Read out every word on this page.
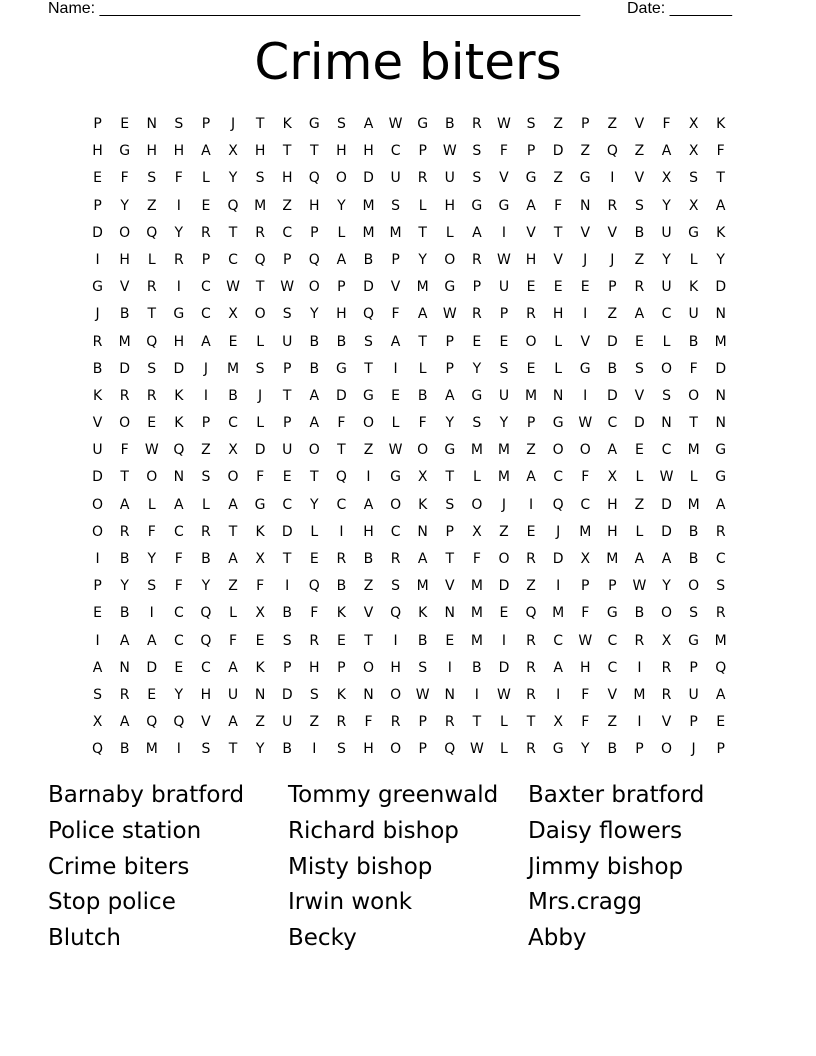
Name: ______________________________________________________	Date: _______
Crime biters
P	E	N	S	P	J	T	K	G	S	A	W	G	B	R	W	S	Z	P	Z	V	F	X	K
H	G	H	H	A	X	H	T	T	H	H	C	P	W	S	F	P	D	Z	Q	Z	A	X	F
E	F	S	F	L	Y	S	H	Q	O	D	U	R	U	S	V	G	Z	G	I	V	X	S	T
P	Y	Z	I	E	Q	M	Z	H	Y	M	S	L	H	G	G	A	F	N	R	S	Y	X	A
D	O	Q	Y	R	T	R	C	P	L	M	M	T	L	A	I	V	T	V	V	B	U	G	K
I	H	L	R	P	C	Q	P	Q	A	B	P	Y	O	R	W	H	V	J	J	Z	Y	L	Y
G	V	R	I	C	W	T	W	O	P	D	V	M	G	P	U	E	E	E	P	R	U	K	D
J	B	T	G	C	X	O	S	Y	H	Q	F	A	W	R	P	R	H	I	Z	A	C	U	N
R	M	Q	H	A	E	L	U	B	B	S	A	T	P	E	E	O	L	V	D	E	L	B	M
B	D	S	D	J	M	S	P	B	G	T	I	L	P	Y	S	E	L	G	B	S	O	F	D
K	R	R	K	I	B	J	T	A	D	G	E	B	A	G	U	M	N	I	D	V	S	O	N
V	O	E	K	P	C	L	P	A	F	O	L	F	Y	S	Y	P	G	W	C	D	N	T	N
U	F	W	Q	Z	X	D	U	O	T	Z	W	O	G	M	M	Z	O	O	A	E	C	M	G
D	T	O	N	S	O	F	E	T	Q	I	G	X	T	L	M	A	C	F	X	L	W	L	G
O	A	L	A	L	A	G	C	Y	C	A	O	K	S	O	J	I	Q	C	H	Z	D	M	A
O	R	F	C	R	T	K	D	L	I	H	C	N	P	X	Z	E	J	M	H	L	D	B	R
I	B	Y	F	B	A	X	T	E	R	B	R	A	T	F	O	R	D	X	M	A	A	B	C
P	Y	S	F	Y	Z	F	I	Q	B	Z	S	M	V	M	D	Z	I	P	P	W	Y	O	S
E	B	I	C	Q	L	X	B	F	K	V	Q	K	N	M	E	Q	M	F	G	B	O	S	R
I	A	A	C	Q	F	E	S	R	E	T	I	B	E	M	I	R	C	W	C	R	X	G	M
A	N	D	E	C	A	K	P	H	P	O	H	S	I	B	D	R	A	H	C	I	R	P	Q
S	R	E	Y	H	U	N	D	S	K	N	O	W	N	I	W	R	I	F	V	M	R	U	A
X	A	Q	Q	V	A	Z	U	Z	R	F	R	P	R	T	L	T	X	F	Z	I	V	P	E
Q	B	M	I	S	T	Y	B	I	S	H	O	P	Q	W	L	R	G	Y	B	P	O	J	P
Barnaby bratford	Tommy greenwald	Baxter bratford
Police station	Richard bishop	Daisy flowers
Crime biters	Misty bishop	Jimmy bishop
Stop police	Irwin wonk	Mrs.cragg
Blutch	Becky	Abby
